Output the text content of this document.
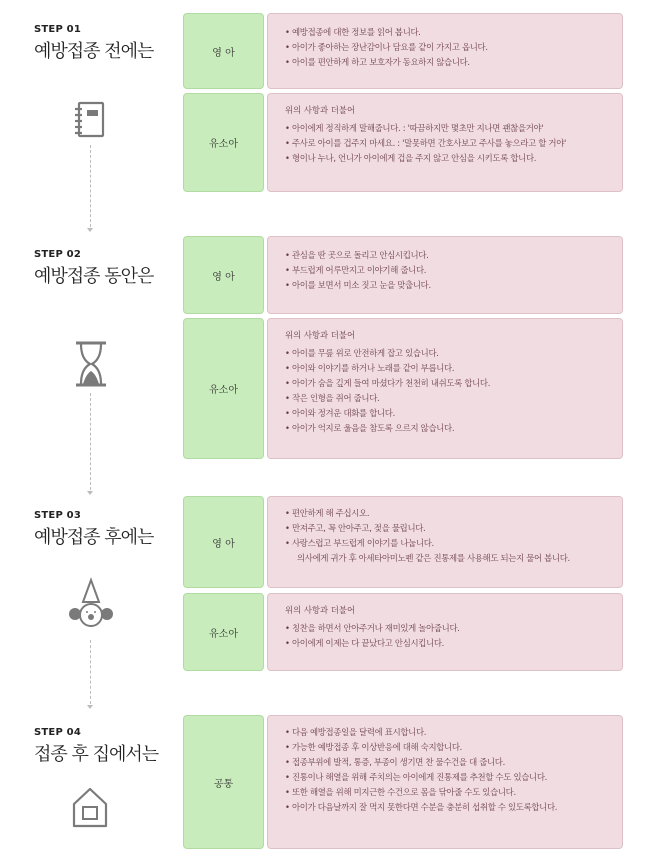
STEP 01
예방접종 전에는
STEP 02
예방접종 동안은
STEP 03
예방접종 후에는
STEP 04
접종 후 집에서는
영 아
• 예방접종에 대한 정보를 읽어 봅니다.
• 아이가 좋아하는 장난감이나 담요를 같이 가지고 옵니다.
• 아이를 편안하게 하고 보호자가 동요하지 않습니다.
유소아
위의 사항과 더불어
• 아이에게 정직하게 말해줍니다. : '따끔하지만 몇초만 지나면 괜찮을거야'
• 주사로 아이를 겁주지 마세요. : '말못하면 간호사보고 주사를 놓으라고 할 거야'
• 형이나 누나, 언니가 아이에게 겁을 주지 않고 안심을 시키도록 합니다.
영 아
• 관심을 딴 곳으로 돌리고 안심시킵니다.
• 부드럽게 어루만지고 이야기해 줍니다.
• 아이를 보면서 미소 짓고 눈을 맞춥니다.
유소아
위의 사항과 더불어
• 아이를 무릎 위로 안전하게 잡고 있습니다.
• 아이와 이야기를 하거나 노래를 같이 부릅니다.
• 아이가 숨을 깊게 들여 마셨다가 천천히 내쉬도록 합니다.
• 작은 인형을 쥐어 줍니다.
• 아이와 정겨운 대화를 합니다.
• 아이가 억지로 울음을 참도록 으르지 않습니다.
영 아
• 편안하게 해 주십시오.
• 만져주고, 꼭 안아주고, 젖을 물립니다.
• 사랑스럽고 부드럽게 이야기를 나눕니다.
의사에게 귀가 후 아세타아미노펜 같은 진통제를 사용해도 되는지 물어 봅니다.
유소아
위의 사항과 더불어
• 칭찬을 하면서 안아주거나 재미있게 놀아줍니다.
• 아이에게 이제는 다 끝났다고 안심시킵니다.
공통
• 다음 예방접종일을 달력에 표시합니다.
• 가능한 예방접종 후 이상반응에 대해 숙지합니다.
• 접종부위에 발적, 통증, 부종이 생기면 찬 물수건을 대 줍니다.
• 진통이나 해열을 위해 주치의는 아이에게 진통제를 추천할 수도 있습니다.
• 또한 해열을 위해 미지근한 수건으로 몸을 닦아줄 수도 있습니다.
• 아이가 다음날까지 잘 먹지 못한다면 수분을 충분히 섭취할 수 있도록합니다.
